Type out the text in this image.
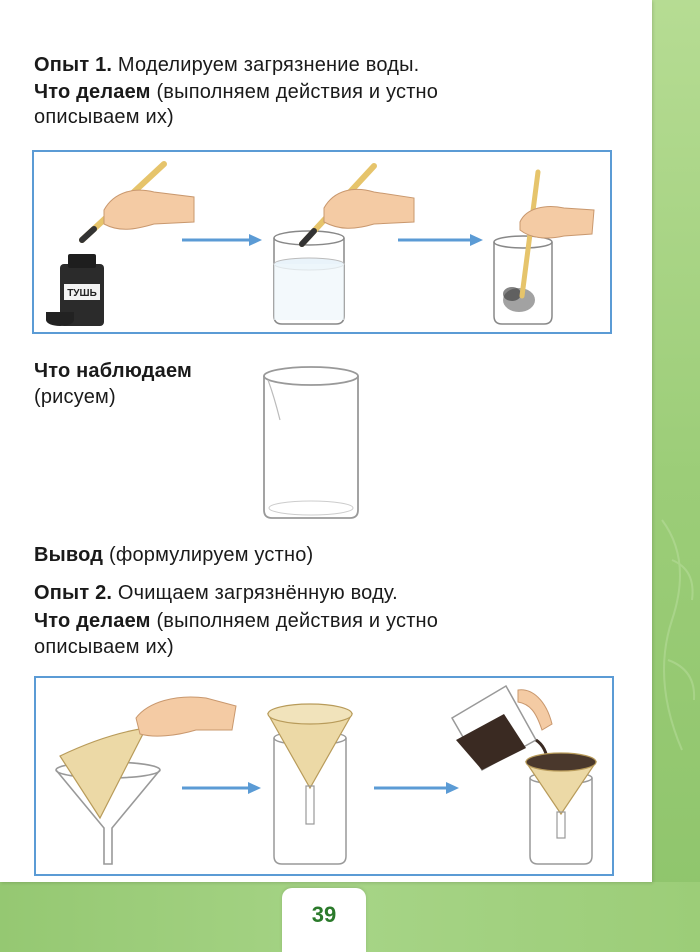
Опыт 1. Моделируем загрязнение воды.
Что делаем (выполняем действия и устно
описываем их)
ТУШЬ
Что наблюдаем
(рисуем)
Вывод (формулируем устно)
Опыт 2. Очищаем загрязнённую воду.
Что делаем (выполняем действия и устно
описываем их)
39
